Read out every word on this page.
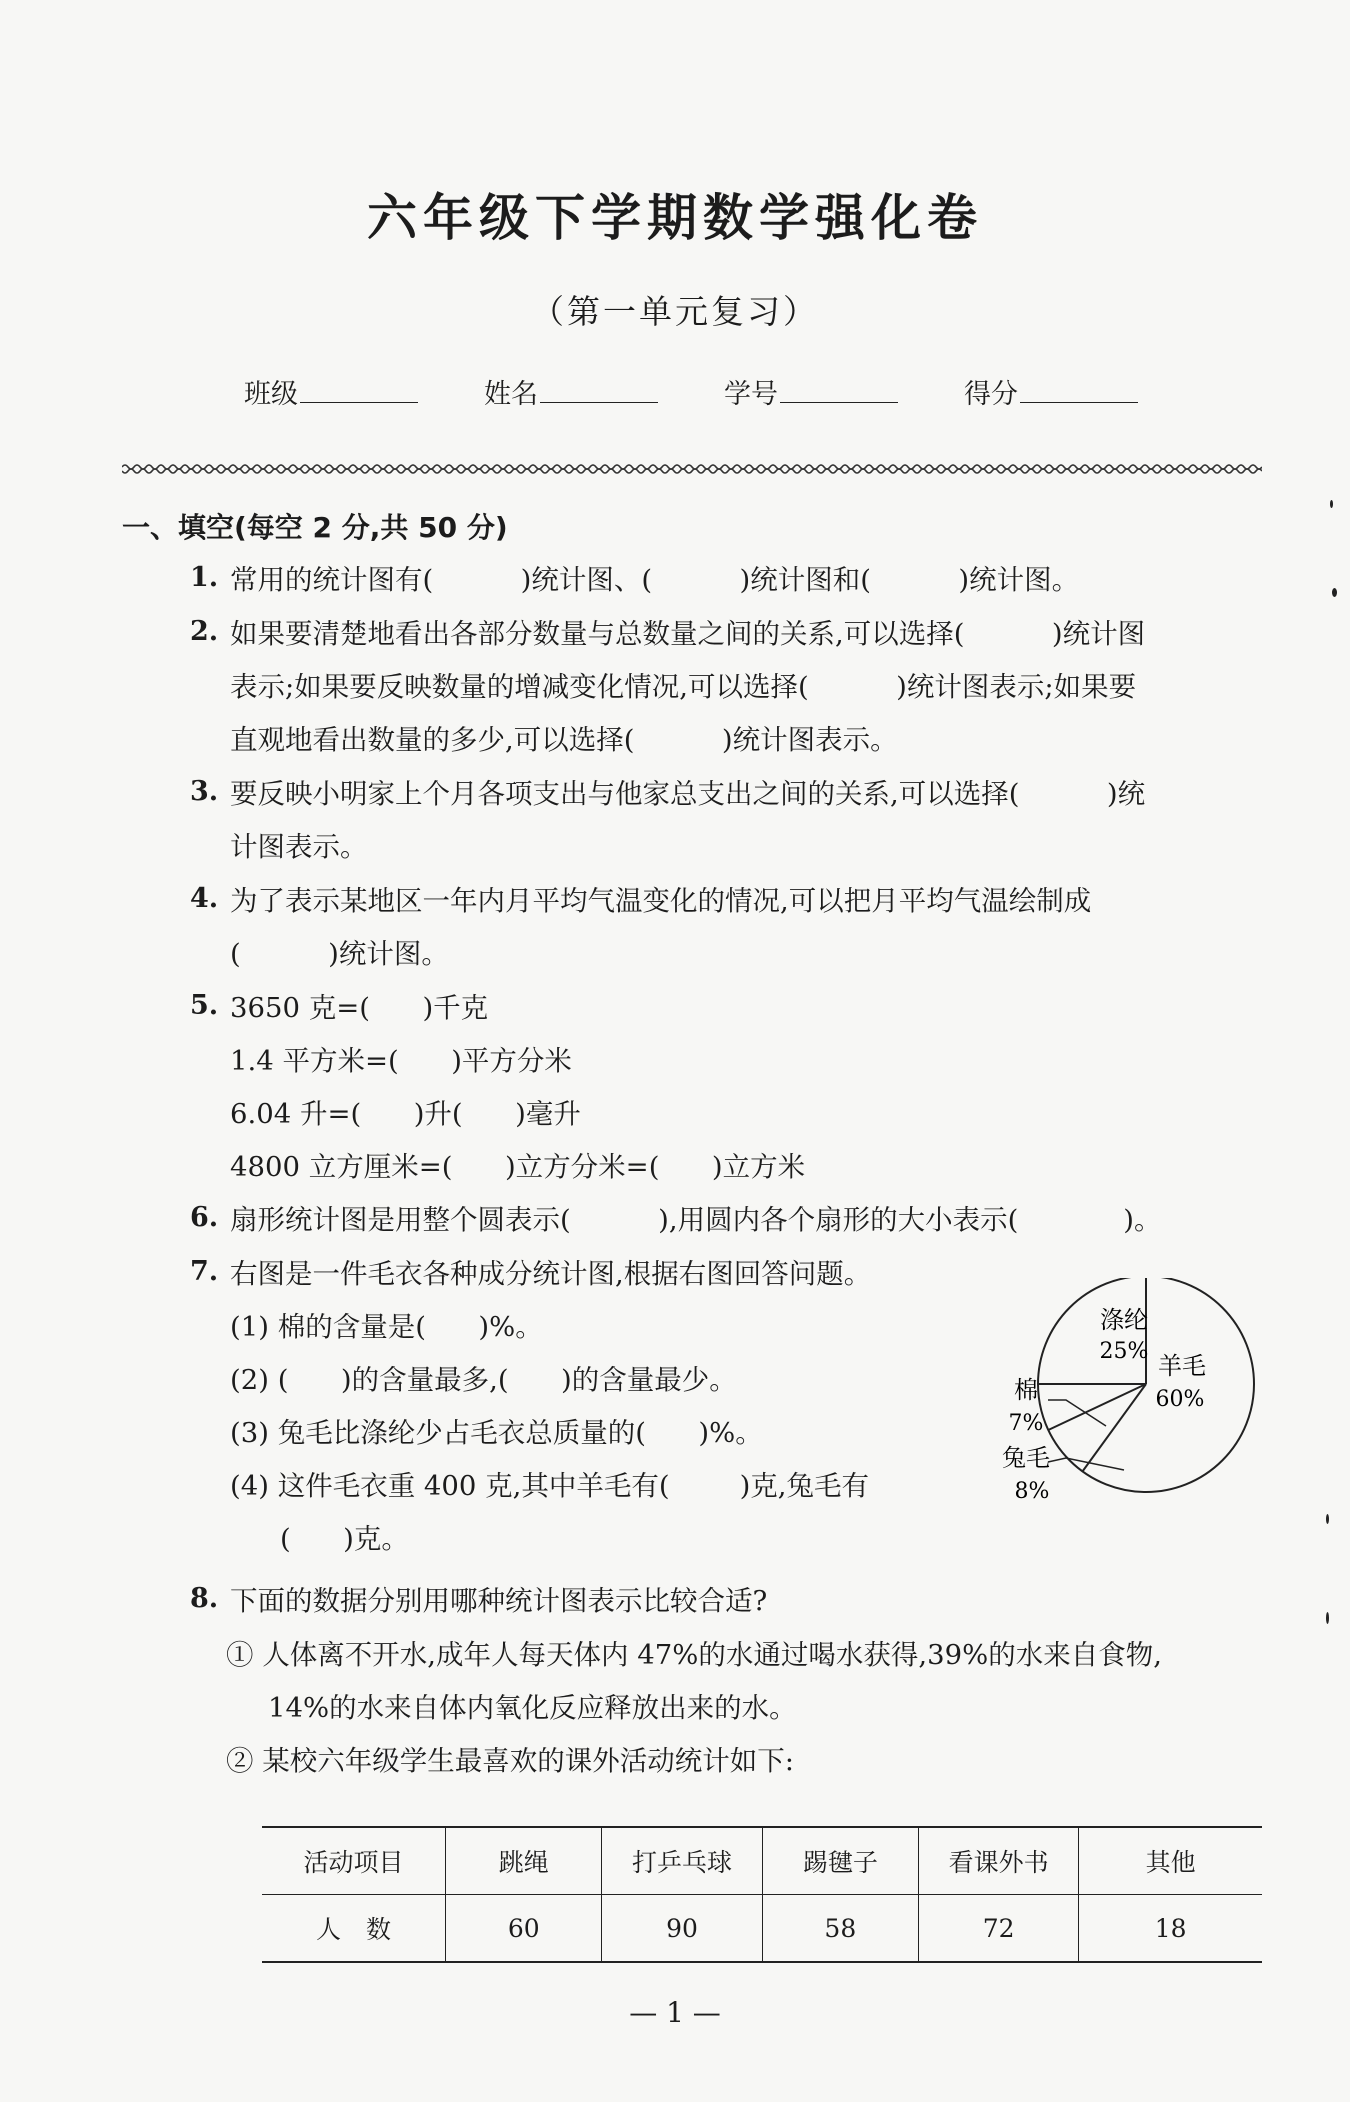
六年级下学期数学强化卷
（第一单元复习）
班级	姓名	学号	得分
一、填空(每空 2 分,共 50 分)
1. 常用的统计图有(          )统计图、(          )统计图和(          )统计图。
2. 如果要清楚地看出各部分数量与总数量之间的关系,可以选择(          )统计图
表示;如果要反映数量的增减变化情况,可以选择(          )统计图表示;如果要
直观地看出数量的多少,可以选择(          )统计图表示。
3. 要反映小明家上个月各项支出与他家总支出之间的关系,可以选择(          )统
计图表示。
4. 为了表示某地区一年内月平均气温变化的情况,可以把月平均气温绘制成
(          )统计图。
5. 3650 克=(      )千克
1.4 平方米=(      )平方分米
6.04 升=(      )升(      )毫升
4800 立方厘米=(      )立方分米=(      )立方米
6. 扇形统计图是用整个圆表示(          ),用圆内各个扇形的大小表示(            )。
7. 右图是一件毛衣各种成分统计图,根据右图回答问题。
(1) 棉的含量是(      )%。
(2) (      )的含量最多,(      )的含量最少。
(3) 兔毛比涤纶少占毛衣总质量的(      )%。
(4) 这件毛衣重 400 克,其中羊毛有(        )克,兔毛有
(      )克。
羊毛
60%
涤纶
25%
棉
7%
兔毛
8%
8. 下面的数据分别用哪种统计图表示比较合适?
① 人体离不开水,成年人每天体内 47%的水通过喝水获得,39%的水来自食物,
14%的水来自体内氧化反应释放出来的水。
② 某校六年级学生最喜欢的课外活动统计如下:
活动项目	跳绳	打乒乓球	踢毽子	看课外书	其他
人　数	60	90	58	72	18
— 1 —
